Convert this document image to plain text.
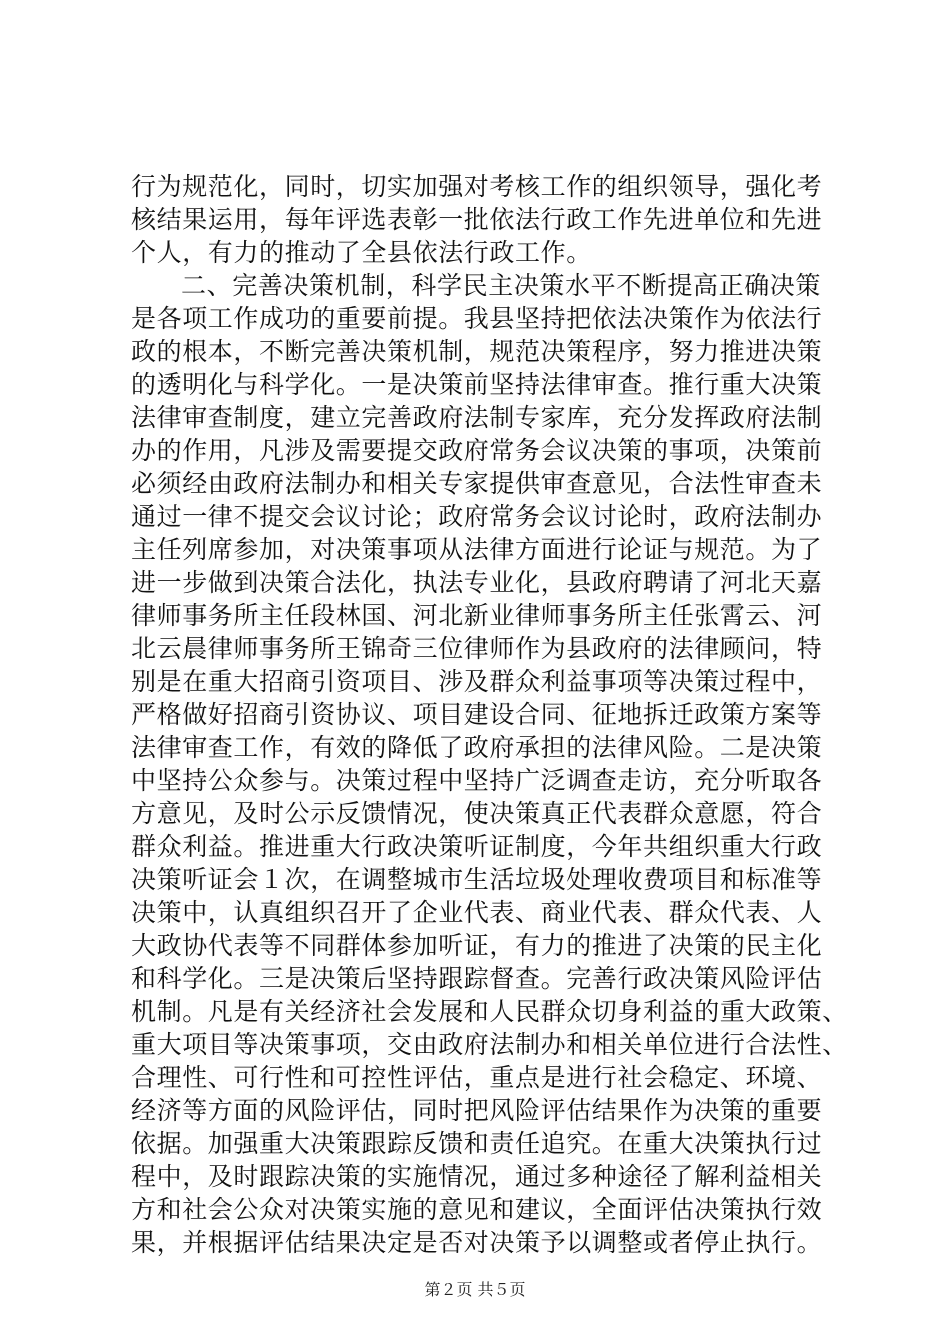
行为规范化，同时，切实加强对考核工作的组织领导，强化考
核结果运用，每年评选表彰一批依法行政工作先进单位和先进
个人，有力的推动了全县依法行政工作。
二、完善决策机制，科学民主决策水平不断提高正确决策
是各项工作成功的重要前提。我县坚持把依法决策作为依法行
政的根本，不断完善决策机制，规范决策程序，努力推进决策
的透明化与科学化。一是决策前坚持法律审查。推行重大决策
法律审查制度，建立完善政府法制专家库，充分发挥政府法制
办的作用，凡涉及需要提交政府常务会议决策的事项，决策前
必须经由政府法制办和相关专家提供审查意见，合法性审查未
通过一律不提交会议讨论；政府常务会议讨论时，政府法制办
主任列席参加，对决策事项从法律方面进行论证与规范。为了
进一步做到决策合法化，执法专业化，县政府聘请了河北天嘉
律师事务所主任段林国、河北新业律师事务所主任张霄云、河
北云晨律师事务所王锦奇三位律师作为县政府的法律顾问，特
别是在重大招商引资项目、涉及群众利益事项等决策过程中，
严格做好招商引资协议、项目建设合同、征地拆迁政策方案等
法律审查工作，有效的降低了政府承担的法律风险。二是决策
中坚持公众参与。决策过程中坚持广泛调查走访，充分听取各
方意见，及时公示反馈情况，使决策真正代表群众意愿，符合
群众利益。推进重大行政决策听证制度，今年共组织重大行政
决策听证会１次，在调整城市生活垃圾处理收费项目和标准等
决策中，认真组织召开了企业代表、商业代表、群众代表、人
大政协代表等不同群体参加听证，有力的推进了决策的民主化
和科学化。三是决策后坚持跟踪督查。完善行政决策风险评估
机制。凡是有关经济社会发展和人民群众切身利益的重大政策、
重大项目等决策事项，交由政府法制办和相关单位进行合法性、
合理性、可行性和可控性评估，重点是进行社会稳定、环境、
经济等方面的风险评估，同时把风险评估结果作为决策的重要
依据。加强重大决策跟踪反馈和责任追究。在重大决策执行过
程中，及时跟踪决策的实施情况，通过多种途径了解利益相关
方和社会公众对决策实施的意见和建议，全面评估决策执行效
果，并根据评估结果决定是否对决策予以调整或者停止执行。
第２页 共５页
